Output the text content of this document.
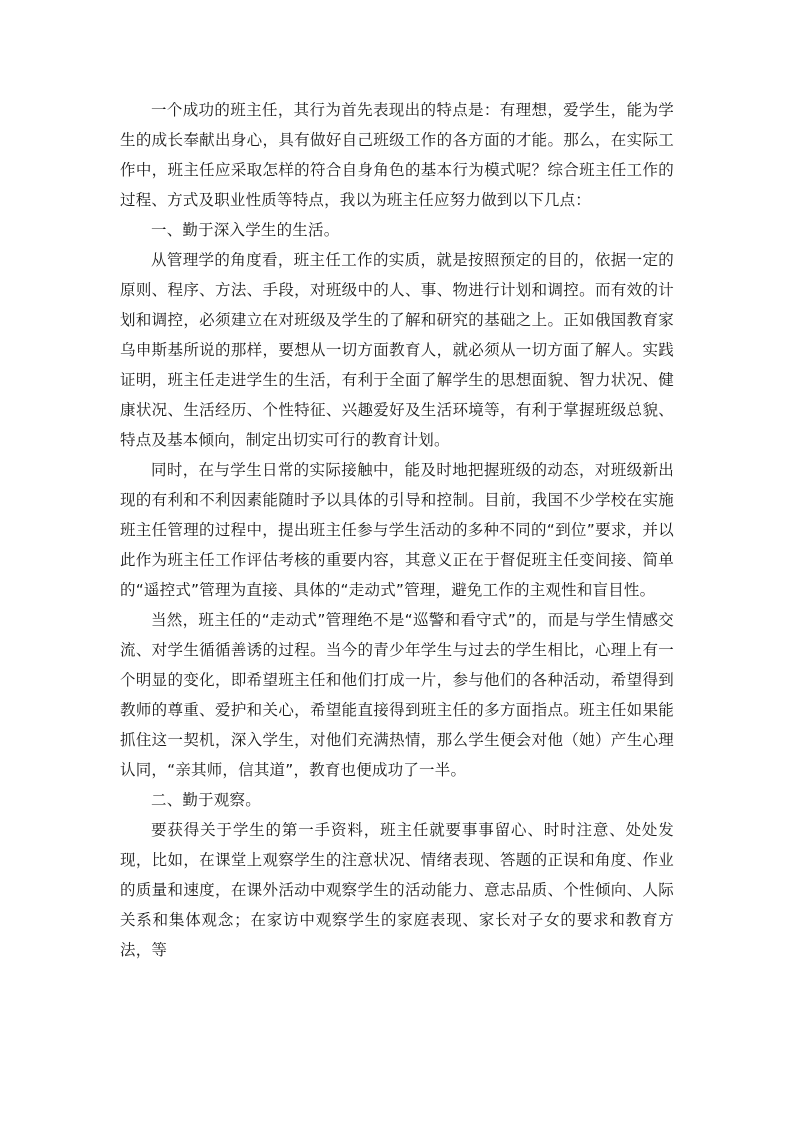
一个成功的班主任，其行为首先表现出的特点是：有理想，爱学生，能为学生的成长奉献出身心，具有做好自己班级工作的各方面的才能。那么，在实际工作中，班主任应采取怎样的符合自身角色的基本行为模式呢？综合班主任工作的过程、方式及职业性质等特点，我以为班主任应努力做到以下几点：

一、勤于深入学生的生活。

从管理学的角度看，班主任工作的实质，就是按照预定的目的，依据一定的原则、程序、方法、手段，对班级中的人、事、物进行计划和调控。而有效的计划和调控，必须建立在对班级及学生的了解和研究的基础之上。正如俄国教育家乌申斯基所说的那样，要想从一切方面教育人，就必须从一切方面了解人。实践证明，班主任走进学生的生活，有利于全面了解学生的思想面貌、智力状况、健康状况、生活经历、个性特征、兴趣爱好及生活环境等，有利于掌握班级总貌、特点及基本倾向，制定出切实可行的教育计划。

同时，在与学生日常的实际接触中，能及时地把握班级的动态，对班级新出现的有利和不利因素能随时予以具体的引导和控制。目前，我国不少学校在实施班主任管理的过程中，提出班主任参与学生活动的多种不同的“到位”要求，并以此作为班主任工作评估考核的重要内容，其意义正在于督促班主任变间接、简单的“遥控式”管理为直接、具体的“走动式”管理，避免工作的主观性和盲目性。

当然，班主任的“走动式”管理绝不是“巡警和看守式”的，而是与学生情感交流、对学生循循善诱的过程。当今的青少年学生与过去的学生相比，心理上有一个明显的变化，即希望班主任和他们打成一片，参与他们的各种活动，希望得到教师的尊重、爱护和关心，希望能直接得到班主任的多方面指点。班主任如果能抓住这一契机，深入学生，对他们充满热情，那么学生便会对他（她）产生心理认同，“亲其师，信其道”，教育也便成功了一半。

二、勤于观察。

要获得关于学生的第一手资料，班主任就要事事留心、时时注意、处处发现，比如，在课堂上观察学生的注意状况、情绪表现、答题的正误和角度、作业的质量和速度，在课外活动中观察学生的活动能力、意志品质、个性倾向、人际关系和集体观念；在家访中观察学生的家庭表现、家长对子女的要求和教育方法，等
